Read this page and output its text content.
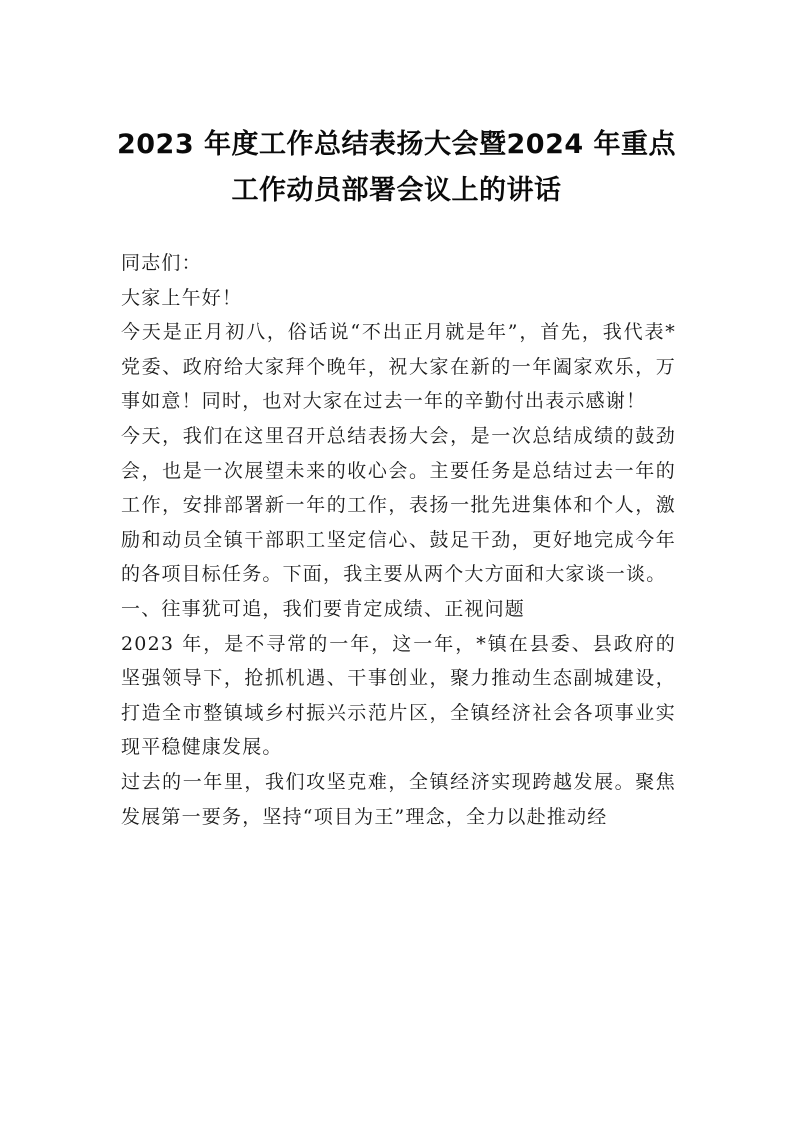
2023 年度工作总结表扬大会暨2024 年重点
工作动员部署会议上的讲话

同志们：

大家上午好！

今天是正月初八，俗话说“不出正月就是年”，首先，我代表*党委、政府给大家拜个晚年，祝大家在新的一年阖家欢乐，万事如意！同时，也对大家在过去一年的辛勤付出表示感谢！

今天，我们在这里召开总结表扬大会，是一次总结成绩的鼓劲会，也是一次展望未来的收心会。主要任务是总结过去一年的工作，安排部署新一年的工作，表扬一批先进集体和个人，激励和动员全镇干部职工坚定信心、鼓足干劲，更好地完成今年的各项目标任务。下面，我主要从两个大方面和大家谈一谈。

一、往事犹可追，我们要肯定成绩、正视问题

2023 年，是不寻常的一年，这一年，*镇在县委、县政府的坚强领导下，抢抓机遇、干事创业，聚力推动生态副城建设，打造全市整镇域乡村振兴示范片区，全镇经济社会各项事业实现平稳健康发展。

过去的一年里，我们攻坚克难，全镇经济实现跨越发展。聚焦发展第一要务，坚持“项目为王”理念，全力以赴推动经
